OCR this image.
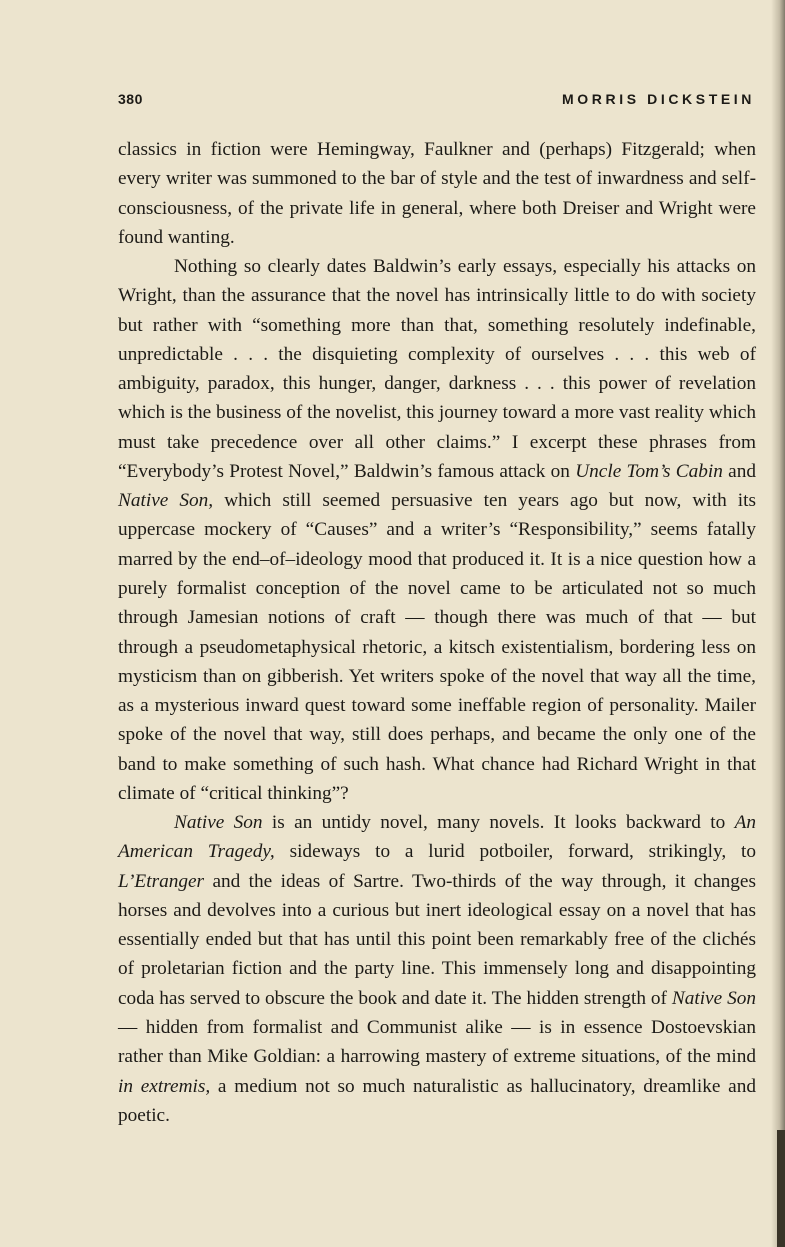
380	MORRIS DICKSTEIN

classics in fiction were Hemingway, Faulkner and (perhaps) Fitzgerald; when every writer was summoned to the bar of style and the test of inwardness and self-consciousness, of the private life in general, where both Dreiser and Wright were found wanting.

Nothing so clearly dates Baldwin’s early essays, especially his attacks on Wright, than the assurance that the novel has intrinsically little to do with society but rather with “something more than that, something resolutely indefinable, unpredictable . . . the disquieting complexity of ourselves . . . this web of ambiguity, paradox, this hunger, danger, darkness . . . this power of revelation which is the business of the novelist, this journey toward a more vast reality which must take precedence over all other claims.” I excerpt these phrases from “Everybody’s Protest Novel,” Baldwin’s famous attack on Uncle Tom’s Cabin and Native Son, which still seemed persuasive ten years ago but now, with its uppercase mockery of “Causes” and a writer’s “Responsibility,” seems fatally marred by the end–of–ideology mood that produced it. It is a nice question how a purely formalist conception of the novel came to be articulated not so much through Jamesian notions of craft — though there was much of that — but through a pseudometaphysical rhetoric, a kitsch existentialism, bordering less on mysticism than on gibberish. Yet writers spoke of the novel that way all the time, as a mysterious inward quest toward some ineffable region of personality. Mailer spoke of the novel that way, still does perhaps, and became the only one of the band to make something of such hash. What chance had Richard Wright in that climate of “critical thinking”?

Native Son is an untidy novel, many novels. It looks backward to An American Tragedy, sideways to a lurid potboiler, forward, strikingly, to L’Etranger and the ideas of Sartre. Two-thirds of the way through, it changes horses and devolves into a curious but inert ideological essay on a novel that has essentially ended but that has until this point been remarkably free of the clichés of proletarian fiction and the party line. This immensely long and disappointing coda has served to obscure the book and date it. The hidden strength of Native Son — hidden from formalist and Communist alike — is in essence Dostoevskian rather than Mike Goldian: a harrowing mastery of extreme situations, of the mind in extremis, a medium not so much naturalistic as hallucinatory, dreamlike and poetic.
